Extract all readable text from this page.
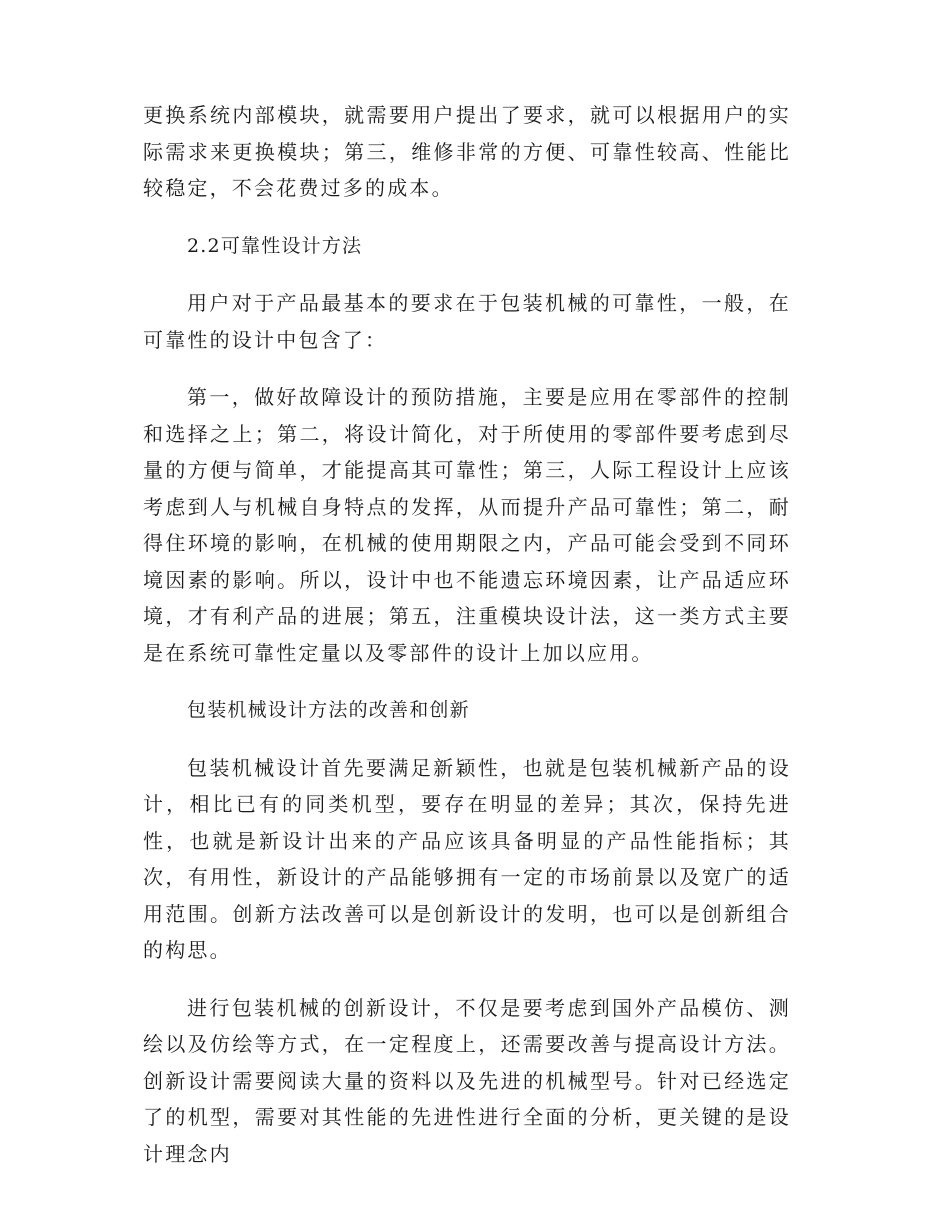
更换系统内部模块，就需要用户提出了要求，就可以根据用户的实际需求来更换模块；第三，维修非常的方便、可靠性较高、性能比较稳定，不会花费过多的成本。

2.2可靠性设计方法

用户对于产品最基本的要求在于包装机械的可靠性，一般，在可靠性的设计中包含了：

第一，做好故障设计的预防措施，主要是应用在零部件的控制和选择之上；第二，将设计简化，对于所使用的零部件要考虑到尽量的方便与简单，才能提高其可靠性；第三，人际工程设计上应该考虑到人与机械自身特点的发挥，从而提升产品可靠性；第二，耐得住环境的影响，在机械的使用期限之内，产品可能会受到不同环境因素的影响。所以，设计中也不能遗忘环境因素，让产品适应环境，才有利产品的进展；第五，注重模块设计法，这一类方式主要是在系统可靠性定量以及零部件的设计上加以应用。

包装机械设计方法的改善和创新

包装机械设计首先要满足新颖性，也就是包装机械新产品的设计，相比已有的同类机型，要存在明显的差异；其次，保持先进性，也就是新设计出来的产品应该具备明显的产品性能指标；其次，有用性，新设计的产品能够拥有一定的市场前景以及宽广的适用范围。创新方法改善可以是创新设计的发明，也可以是创新组合的构思。

进行包装机械的创新设计，不仅是要考虑到国外产品模仿、测绘以及仿绘等方式，在一定程度上，还需要改善与提高设计方法。创新设计需要阅读大量的资料以及先进的机械型号。针对已经选定了的机型，需要对其性能的先进性进行全面的分析，更关键的是设计理念内
